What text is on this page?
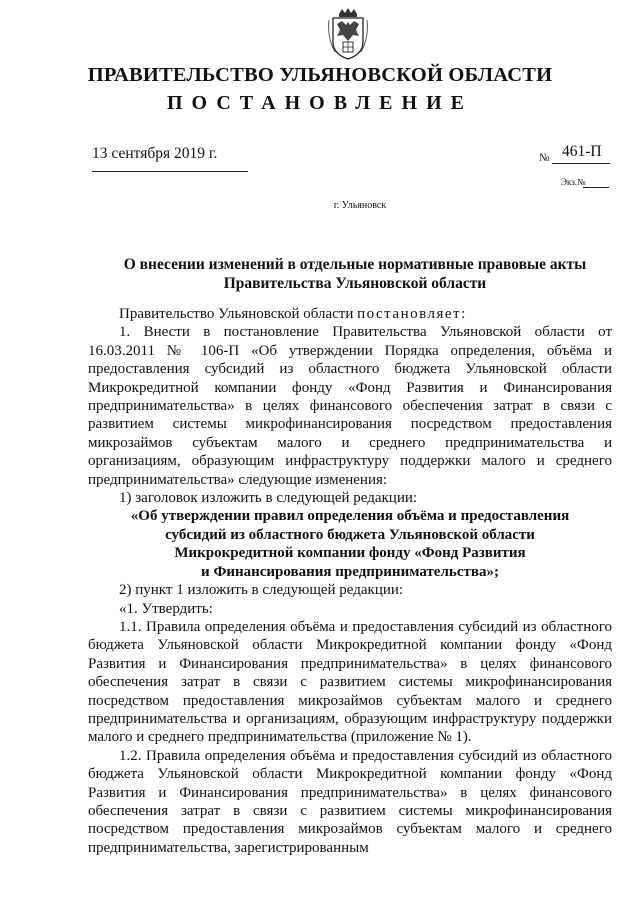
ПРАВИТЕЛЬСТВО УЛЬЯНОВСКОЙ ОБЛАСТИ
ПОСТАНОВЛЕНИЕ
13 сентября 2019 г.	№ 461-П
Экз.№
г. Ульяновск
О внесении изменений в отдельные нормативные правовые акты
Правительства Ульяновской области

Правительство Ульяновской области постановляет:

1. Внести в постановление Правительства Ульяновской области от 16.03.2011 № 106-П «Об утверждении Порядка определения, объёма и предоставления субсидий из областного бюджета Ульяновской области Микрокредитной компании фонду «Фонд Развития и Финансирования предпринимательства» в целях финансового обеспечения затрат в связи с развитием системы микрофинансирования посредством предоставления микрозаймов субъектам малого и среднего предпринимательства и организациям, образующим инфраструктуру поддержки малого и среднего предпринимательства» следующие изменения:

1) заголовок изложить в следующей редакции:

«Об утверждении правил определения объёма и предоставления

субсидий из областного бюджета Ульяновской области

Микрокредитной компании фонду «Фонд Развития

и Финансирования предпринимательства»;

2) пункт 1 изложить в следующей редакции:

«1. Утвердить:

1.1. Правила определения объёма и предоставления субсидий из областного бюджета Ульяновской области Микрокредитной компании фонду «Фонд Развития и Финансирования предпринимательства» в целях финансового обеспечения затрат в связи с развитием системы микрофинансирования посредством предоставления микрозаймов субъектам малого и среднего предпринимательства и организациям, образующим инфраструктуру поддержки малого и среднего предпринимательства (приложение № 1).

1.2. Правила определения объёма и предоставления субсидий из областного бюджета Ульяновской области Микрокредитной компании фонду «Фонд Развития и Финансирования предпринимательства» в целях финансового обеспечения затрат в связи с развитием системы микрофинансирования посредством предоставления микрозаймов субъектам малого и среднего предпринимательства, зарегистрированным
